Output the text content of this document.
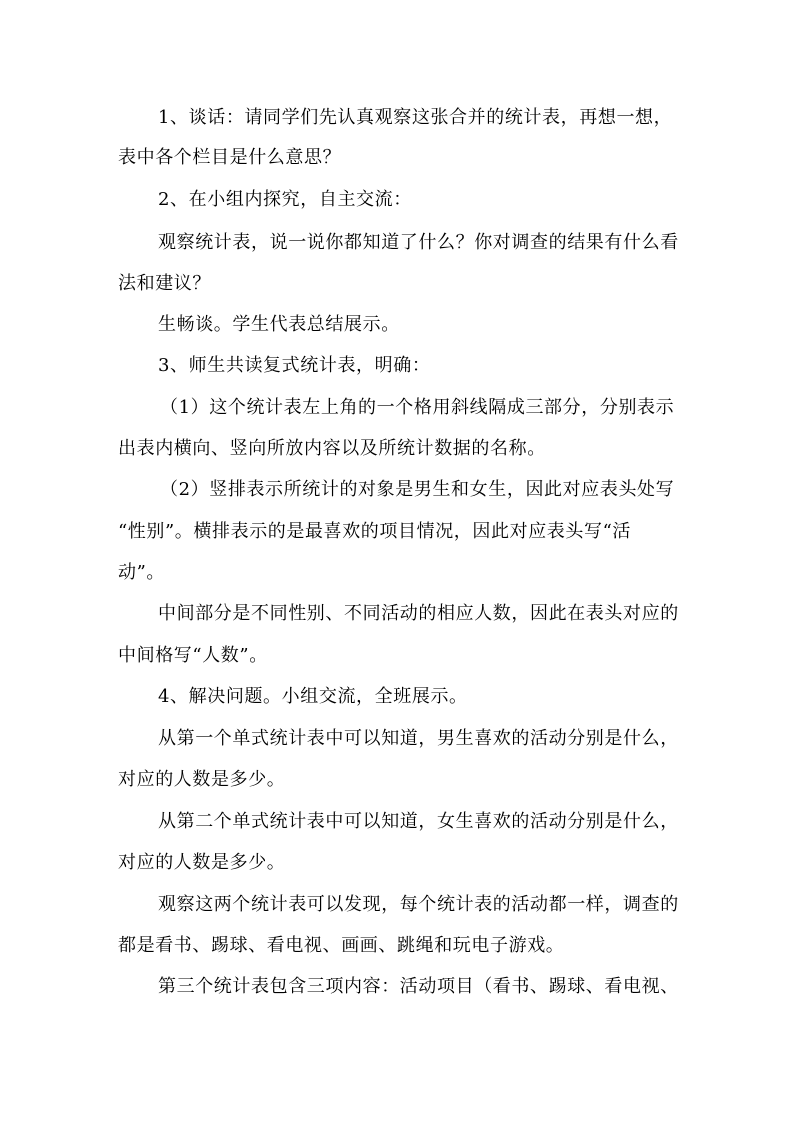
1、谈话：请同学们先认真观察这张合并的统计表，再想一想，
表中各个栏目是什么意思？
2、在小组内探究，自主交流：
观察统计表，说一说你都知道了什么？你对调查的结果有什么看
法和建议？
生畅谈。学生代表总结展示。
3、师生共读复式统计表，明确：
（1）这个统计表左上角的一个格用斜线隔成三部分，分别表示
出表内横向、竖向所放内容以及所统计数据的名称。
（2）竖排表示所统计的对象是男生和女生，因此对应表头处写
“性别”。横排表示的是最喜欢的项目情况，因此对应表头写“活
动”。
中间部分是不同性别、不同活动的相应人数，因此在表头对应的
中间格写“人数”。
4、解决问题。小组交流，全班展示。
从第一个单式统计表中可以知道，男生喜欢的活动分别是什么，
对应的人数是多少。
从第二个单式统计表中可以知道，女生喜欢的活动分别是什么，
对应的人数是多少。
观察这两个统计表可以发现，每个统计表的活动都一样，调查的
都是看书、踢球、看电视、画画、跳绳和玩电子游戏。
第三个统计表包含三项内容：活动项目（看书、踢球、看电视、
